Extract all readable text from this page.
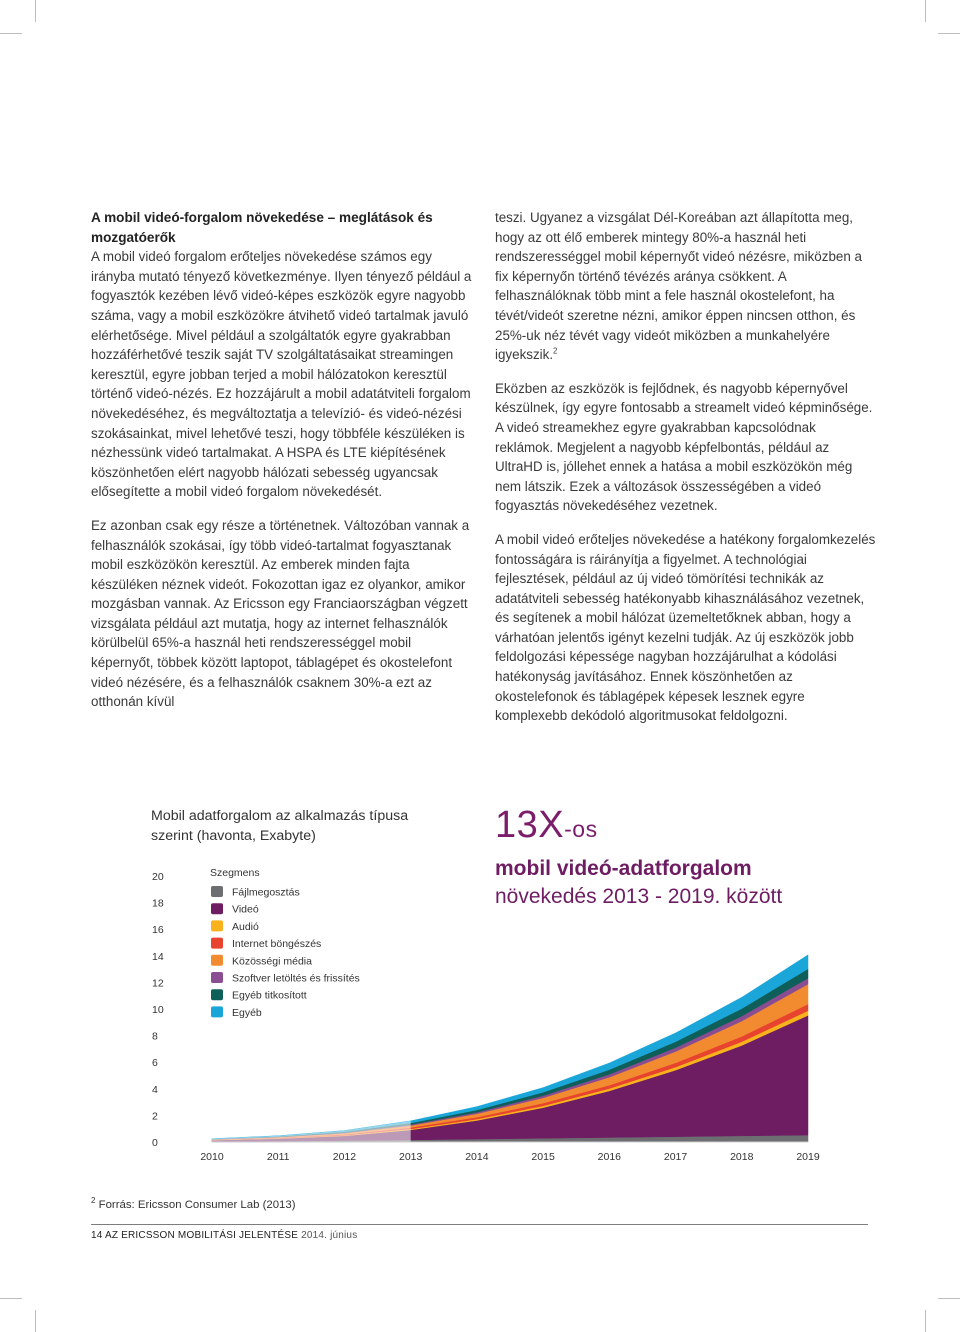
A mobil videó-forgalom növekedése – meglátások és mozgatóerők

A mobil videó forgalom erőteljes növekedése számos egy irányba mutató tényező következménye. Ilyen tényező például a fogyasztók kezében lévő videó-képes eszközök egyre nagyobb száma, vagy a mobil eszközökre átvihető videó tartalmak javuló elérhetősége. Mivel például a szolgáltatók egyre gyakrabban hozzáférhetővé teszik saját TV szolgáltatásaikat streamingen keresztül, egyre jobban terjed a mobil hálózatokon keresztül történő videó-nézés. Ez hozzájárult a mobil adatátviteli forgalom növekedéséhez, és megváltoztatja a televízió- és videó-nézési szokásainkat, mivel lehetővé teszi, hogy többféle készüléken is nézhessünk videó tartalmakat. A HSPA és LTE kiépítésének köszönhetően elért nagyobb hálózati sebesség ugyancsak elősegítette a mobil videó forgalom növekedését.

Ez azonban csak egy része a történetnek. Változóban vannak a felhasználók szokásai, így több videó-tartalmat fogyasztanak mobil eszközökön keresztül. Az emberek minden fajta készüléken néznek videót. Fokozottan igaz ez olyankor, amikor mozgásban vannak. Az Ericsson egy Franciaországban végzett vizsgálata például azt mutatja, hogy az internet felhasználók körülbelül 65%-a használ heti rendszerességgel mobil képernyőt, többek között laptopot, táblagépet és okostelefont videó nézésére, és a felhasználók csaknem 30%-a ezt az otthonán kívül

teszi. Ugyanez a vizsgálat Dél-Koreában azt állapította meg, hogy az ott élő emberek mintegy 80%-a használ heti rendszerességgel mobil képernyőt videó nézésre, miközben a fix képernyőn történő tévézés aránya csökkent. A felhasználóknak több mint a fele használ okostelefont, ha tévét/videót szeretne nézni, amikor éppen nincsen otthon, és 25%-uk néz tévét vagy videót miközben a munkahelyére igyekszik.$^2$

Eközben az eszközök is fejlődnek, és nagyobb képernyővel készülnek, így egyre fontosabb a streamelt videó képminősége. A videó streamekhez egyre gyakrabban kapcsolódnak reklámok. Megjelent a nagyobb képfelbontás, például az UltraHD is, jóllehet ennek a hatása a mobil eszközökön még nem látszik. Ezek a változások összességében a videó fogyasztás növekedéséhez vezetnek.

A mobil videó erőteljes növekedése a hatékony forgalomkezelés fontosságára is ráirányítja a figyelmet. A technológiai fejlesztések, például az új videó tömörítési technikák az adatátviteli sebesség hatékonyabb kihasználásához vezetnek, és segítenek a mobil hálózat üzemeltetőknek abban, hogy a várhatóan jelentős igényt kezelni tudják. Az új eszközök jobb feldolgozási képessége nagyban hozzájárulhat a kódolási hatékonyság javításához. Ennek köszönhetően az okostelefonok és táblagépek képesek lesznek egyre komplexebb dekódoló algoritmusokat feldolgozni.

Mobil adatforgalom az alkalmazás típusa szerint (havonta, Exabyte)	13X-os
mobil videó-adatforgalom
növekedés 2013 - 2019. között
0
2
4
6
8
10
12
14
16
18
20
2010	2011	2012	2013	2014	2015	2016	2017	2018	2019
Szegmens
Fájlmegosztás
Videó
Audió
Internet böngészés
Közösségi média
Szoftver letöltés és frissítés
Egyéb titkosított
Egyéb
$^2$ Forrás: Ericsson Consumer Lab (2013)
14 AZ ERICSSON MOBILITÁSI JELENTÉSE 2014. június
